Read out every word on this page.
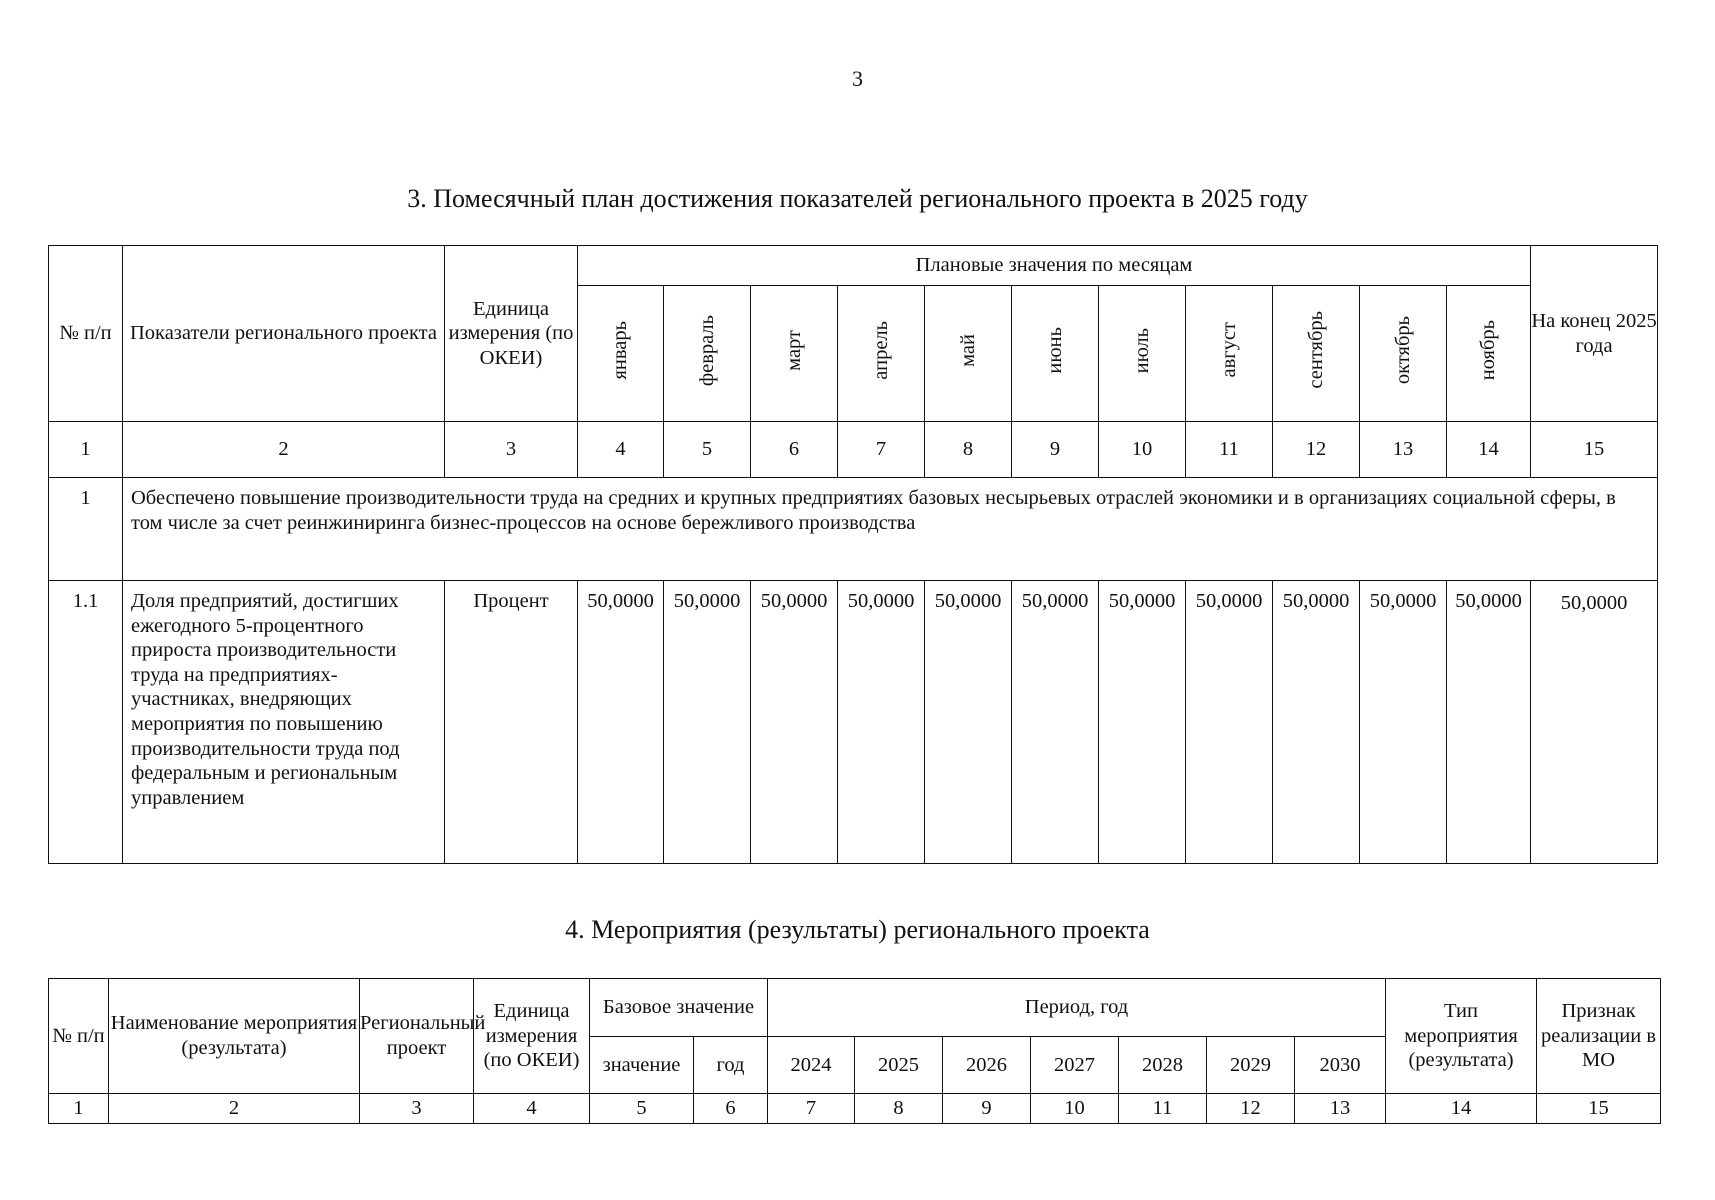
3
3. Помесячный план достижения показателей регионального проекта в 2025 году
№ п/п	Показатели регионального проекта	Единица измерения (по ОКЕИ)	Плановые значения по месяцам											На конец 2025 года
			январь	февраль	март	апрель	май	июнь	июль	август	сентябрь	октябрь	ноябрь	
1	2	3	4	5	6	7	8	9	10	11	12	13	14	15
1	Обеспечено повышение производительности труда на средних и крупных предприятиях базовых несырьевых отраслей экономики и в организациях социальной сферы, в том числе за счет реинжиниринга бизнес-процессов на основе бережливого производства													
1.1	Доля предприятий, достигших ежегодного 5-процентного прироста производительности труда на предприятиях-участниках, внедряющих мероприятия по повышению производительности труда под федеральным и региональным управлением	Процент	50,0000	50,0000	50,0000	50,0000	50,0000	50,0000	50,0000	50,0000	50,0000	50,0000	50,0000	50,0000
4. Мероприятия (результаты) регионального проекта
№ п/п	Наименование мероприятия (результата)	Региональный проект	Единица измерения (по ОКЕИ)	Базовое значение		Период, год							Тип мероприятия (результата)	Признак реализации в МО
				значение	год	2024	2025	2026	2027	2028	2029	2030		
1	2	3	4	5	6	7	8	9	10	11	12	13	14	15
